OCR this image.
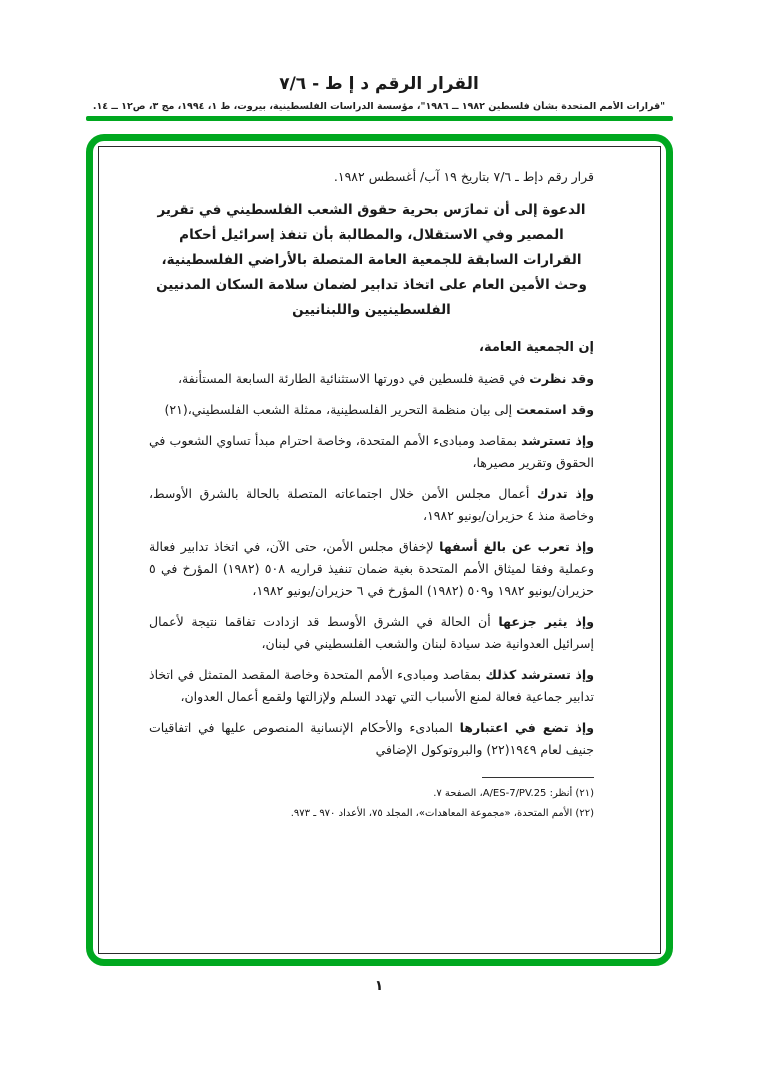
القرار الرقم د إ ط - ٧/٦
"قرارات الأمم المتحدة بشأن فلسطين ١٩٨٢ ــ ١٩٨٦"، مؤسسة الدراسات الفلسطينية، بيروت، ط ١، ١٩٩٤، مج ٣، ص١٢ ــ ١٤.

قرار رقم دإط ـ ٧/٦ بتاريخ ١٩ آب/ أغسطس ١٩٨٢.

الدعوة إلى أن تمارَس بحرية حقوق الشعب الفلسطيني في تقرير المصير وفي الاستقلال، والمطالبة بأن تنفذ إسرائيل أحكام القرارات السابقة للجمعية العامة المتصلة بالأراضي الفلسطينية، وحث الأمين العام على اتخاذ تدابير لضمان سلامة السكان المدنيين الفلسطينيين واللبنانيين

إن الجمعية العامة،

وقد نظرت في قضية فلسطين في دورتها الاستثنائية الطارئة السابعة المستأنفة،

وقد استمعت إلى بيان منظمة التحرير الفلسطينية، ممثلة الشعب الفلسطيني،(٢١)

وإذ تسترشد بمقاصد ومبادىء الأمم المتحدة، وخاصة احترام مبدأ تساوي الشعوب في الحقوق وتقرير مصيرها،

وإذ تدرك أعمال مجلس الأمن خلال اجتماعاته المتصلة بالحالة بالشرق الأوسط، وخاصة منذ ٤ حزيران/يونيو ١٩٨٢،

وإذ تعرب عن بالغ أسفها لإخفاق مجلس الأمن، حتى الآن، في اتخاذ تدابير فعالة وعملية وفقا لميثاق الأمم المتحدة بغية ضمان تنفيذ قراريه ٥٠٨ (١٩٨٢) المؤرخ في ٥ حزيران/يونيو ١٩٨٢ و٥٠٩ (١٩٨٢) المؤرخ في ٦ حزيران/يونيو ١٩٨٢،

وإذ يثير جزعها أن الحالة في الشرق الأوسط قد ازدادت تفاقما نتيجة لأعمال إسرائيل العدوانية ضد سيادة لبنان والشعب الفلسطيني في لبنان،

وإذ تسترشد كذلك بمقاصد ومبادىء الأمم المتحدة وخاصة المقصد المتمثل في اتخاذ تدابير جماعية فعالة لمنع الأسباب التي تهدد السلم ولإزالتها ولقمع أعمال العدوان،

وإذ تضع في اعتبارها المبادىء والأحكام الإنسانية المنصوص عليها في اتفاقيات جنيف لعام ١٩٤٩(٢٢) والبروتوكول الإضافي

(٢١) أنظر: A/ES-7/PV.25، الصفحة ٧.

(٢٢) الأمم المتحدة، «مجموعة المعاهدات»، المجلد ٧٥، الأعداد ٩٧٠ ـ ٩٧٣.

١
